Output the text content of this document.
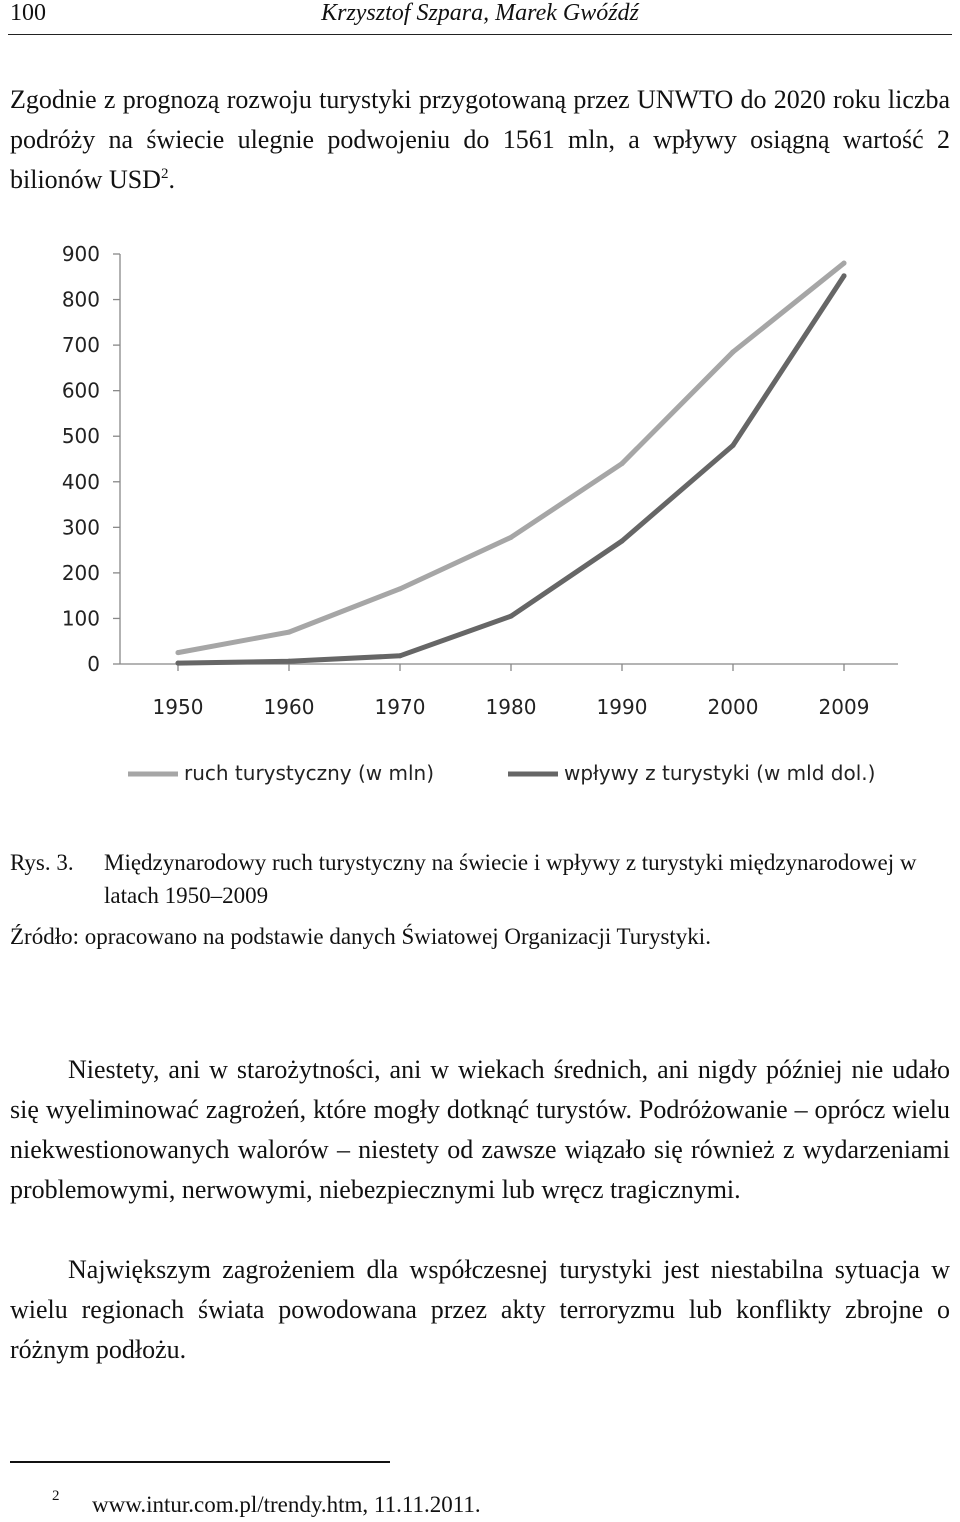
100	Krzysztof Szpara, Marek Gwóźdź

Zgodnie z prognozą rozwoju turystyki przygotowaną przez UNWTO do 2020 roku liczba podróży na świecie ulegnie podwojeniu do 1561 mln, a wpływy osiągną wartość 2 bilionów USD$^2$.

0
100
200
300
400
500
600
700
800
900
1950	1960	1970	1980	1990	2000	2009
ruch turystyczny (w mln)	wpływy z turystyki (w mld dol.)
Rys. 3. Międzynarodowy ruch turystyczny na świecie i wpływy z turystyki międzynarodowej w latach 1950–2009
Źródło: opracowano na podstawie danych Światowej Organizacji Turystyki.

Niestety, ani w starożytności, ani w wiekach średnich, ani nigdy później nie udało się wyeliminować zagrożeń, które mogły dotknąć turystów. Podróżowanie – oprócz wielu niekwestionowanych walorów – niestety od zawsze wiązało się również z wydarzeniami problemowymi, nerwowymi, niebezpiecznymi lub wręcz tragicznymi.

Największym zagrożeniem dla współczesnej turystyki jest niestabilna sytuacja w wielu regionach świata powodowana przez akty terroryzmu lub konflikty zbrojne o różnym podłożu.

2 www.intur.com.pl/trendy.htm, 11.11.2011.
